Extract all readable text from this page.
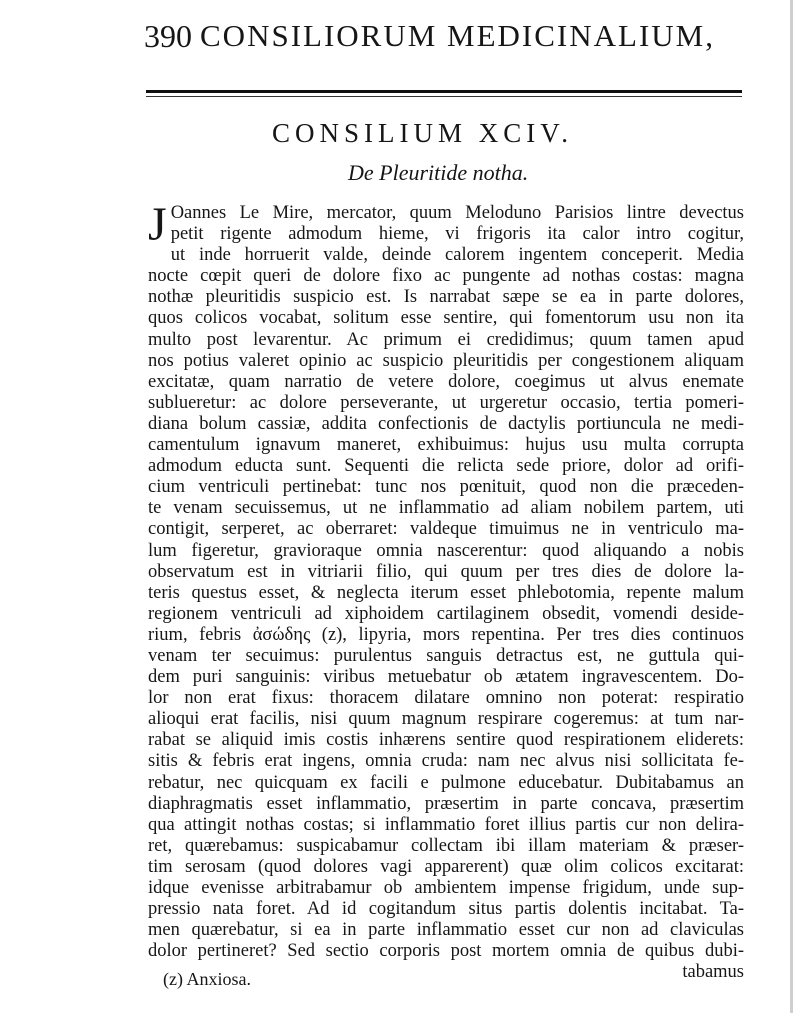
390 CONSILIORUM MEDICINALIUM,
CONSILIUM XCIV.
De Pleuritide notha.
J Oannes Le Mire, mercator, quum Meloduno Parisios lintre devectus
petit rigente admodum hieme, vi frigoris ita calor intro cogitur,
ut inde horruerit valde, deinde calorem ingentem conceperit. Media
nocte cœpit queri de dolore fixo ac pungente ad nothas costas: magna
nothæ pleuritidis suspicio est. Is narrabat sæpe se ea in parte dolores,
quos colicos vocabat, solitum esse sentire, qui fomentorum usu non ita
multo post levarentur. Ac primum ei credidimus; quum tamen apud
nos potius valeret opinio ac suspicio pleuritidis per congestionem aliquam
excitatæ, quam narratio de vetere dolore, coegimus ut alvus enemate
sublueretur: ac dolore perseverante, ut urgeretur occasio, tertia pomeri-
diana bolum cassiæ, addita confectionis de dactylis portiuncula ne medi-
camentulum ignavum maneret, exhibuimus: hujus usu multa corrupta
admodum educta sunt. Sequenti die relicta sede priore, dolor ad orifi-
cium ventriculi pertinebat: tunc nos pœnituit, quod non die præceden-
te venam secuissemus, ut ne inflammatio ad aliam nobilem partem, uti
contigit, serperet, ac oberraret: valdeque timuimus ne in ventriculo ma-
lum figeretur, gravioraque omnia nascerentur: quod aliquando a nobis
observatum est in vitriarii filio, qui quum per tres dies de dolore la-
teris questus esset, & neglecta iterum esset phlebotomia, repente malum
regionem ventriculi ad xiphoidem cartilaginem obsedit, vomendi deside-
rium, febris ἀσώδης (z), lipyria, mors repentina. Per tres dies continuos
venam ter secuimus: purulentus sanguis detractus est, ne guttula qui-
dem puri sanguinis: viribus metuebatur ob ætatem ingravescentem. Do-
lor non erat fixus: thoracem dilatare omnino non poterat: respiratio
alioqui erat facilis, nisi quum magnum respirare cogeremus: at tum nar-
rabat se aliquid imis costis inhærens sentire quod respirationem eliderets:
sitis & febris erat ingens, omnia cruda: nam nec alvus nisi sollicitata fe-
rebatur, nec quicquam ex facili e pulmone educebatur. Dubitabamus an
diaphragmatis esset inflammatio, præsertim in parte concava, præsertim
qua attingit nothas costas; si inflammatio foret illius partis cur non delira-
ret, quærebamus: suspicabamur collectam ibi illam materiam & præser-
tim serosam (quod dolores vagi apparerent) quæ olim colicos excitarat:
idque evenisse arbitrabamur ob ambientem impense frigidum, unde sup-
pressio nata foret. Ad id cogitandum situs partis dolentis incitabat. Ta-
men quærebatur, si ea in parte inflammatio esset cur non ad claviculas
dolor pertineret? Sed sectio corporis post mortem omnia de quibus dubi-
tabamus
(z) Anxiosa.
